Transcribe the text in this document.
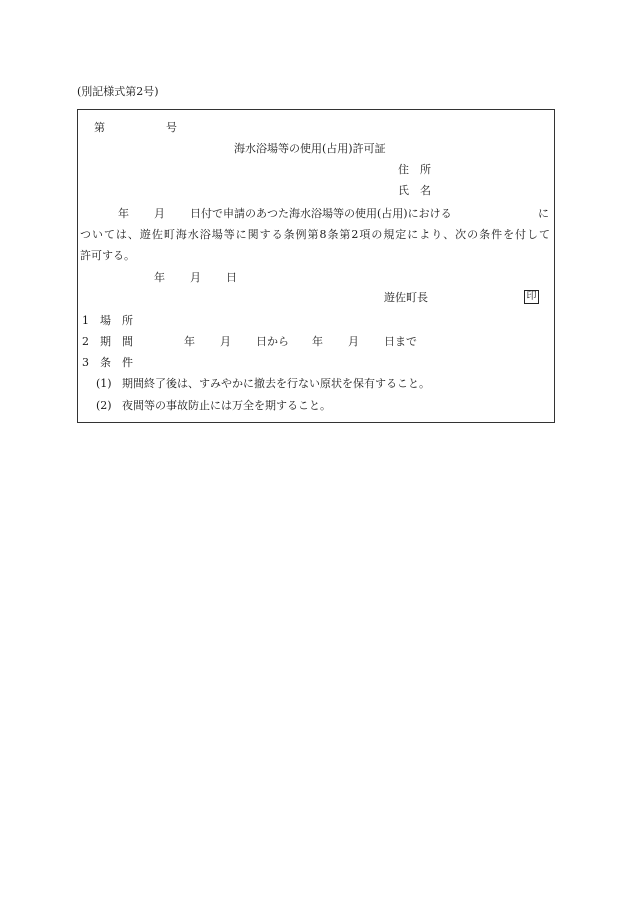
(別記様式第2号)
第	号
海水浴場等の使用(占用)許可証
住　所
氏　名
年 月 日付で申請のあつた海水浴場等の使用(占用)における	に
ついては、遊佐町海水浴場等に関する条例第8条第2項の規定により、次の条件を付して
許可する。
年 月 日
遊佐町長	印
1 場　所
2 期　間	年 月 日から 年 月 日まで
3 条　件
(1) 期間終了後は、すみやかに撤去を行ない原状を保有すること。
(2) 夜間等の事故防止には万全を期すること。
